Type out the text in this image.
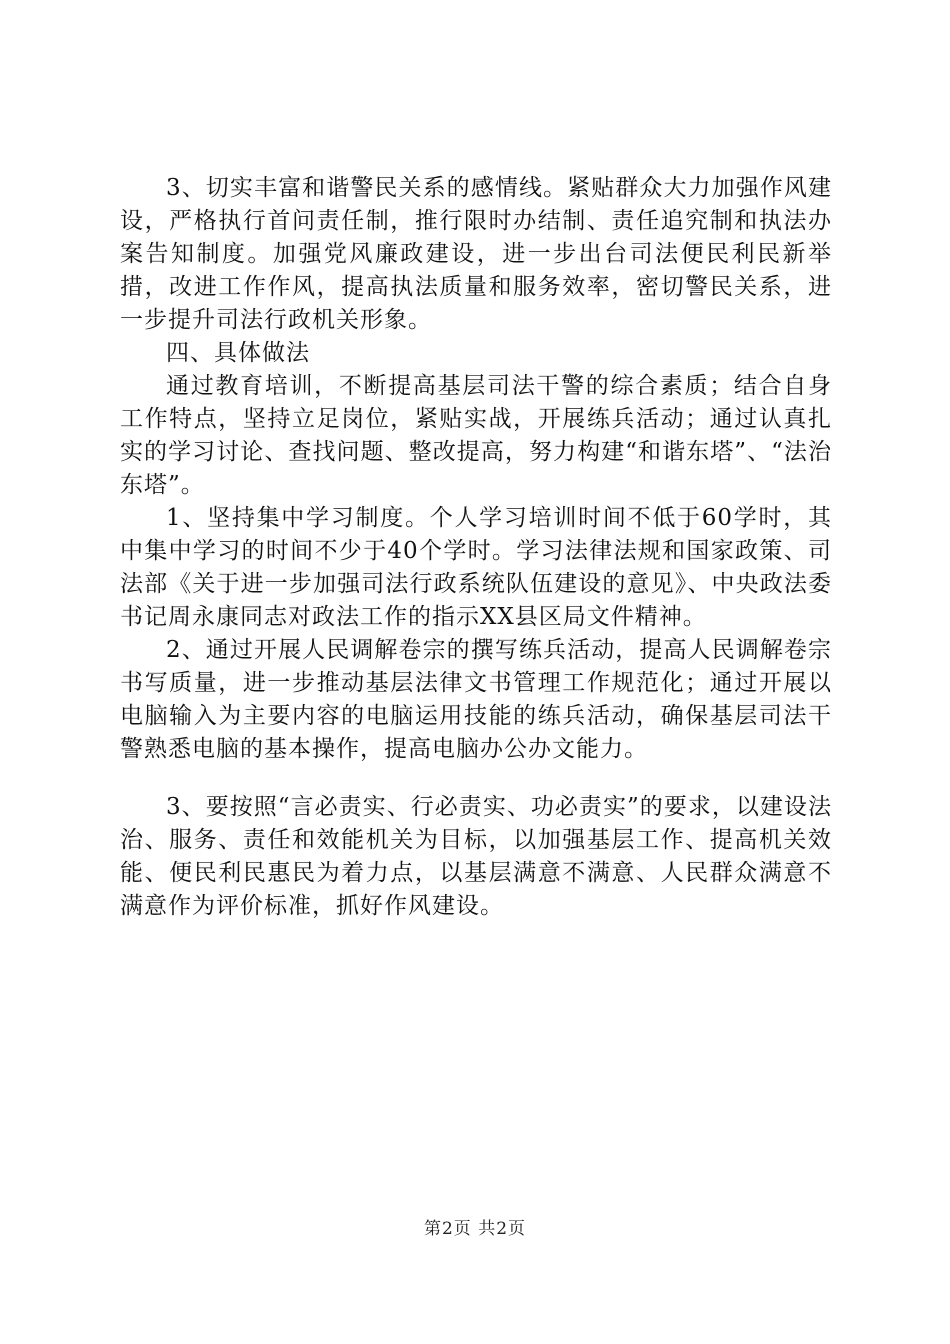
3、切实丰富和谐警民关系的感情线。紧贴群众大力加强作风建设，严格执行首问责任制，推行限时办结制、责任追究制和执法办案告知制度。加强党风廉政建设，进一步出台司法便民利民新举措，改进工作作风，提高执法质量和服务效率，密切警民关系，进一步提升司法行政机关形象。

四、具体做法

通过教育培训，不断提高基层司法干警的综合素质；结合自身工作特点，坚持立足岗位，紧贴实战，开展练兵活动；通过认真扎实的学习讨论、查找问题、整改提高，努力构建“和谐东塔”、“法治东塔”。

1、坚持集中学习制度。个人学习培训时间不低于60学时，其中集中学习的时间不少于40个学时。学习法律法规和国家政策、司法部《关于进一步加强司法行政系统队伍建设的意见》、中央政法委书记周永康同志对政法工作的指示XX县区局文件精神。

2、通过开展人民调解卷宗的撰写练兵活动，提高人民调解卷宗书写质量，进一步推动基层法律文书管理工作规范化；通过开展以电脑输入为主要内容的电脑运用技能的练兵活动，确保基层司法干警熟悉电脑的基本操作，提高电脑办公办文能力。

3、要按照“言必责实、行必责实、功必责实”的要求，以建设法治、服务、责任和效能机关为目标，以加强基层工作、提高机关效能、便民利民惠民为着力点，以基层满意不满意、人民群众满意不满意作为评价标准，抓好作风建设。

第2页 共2页
